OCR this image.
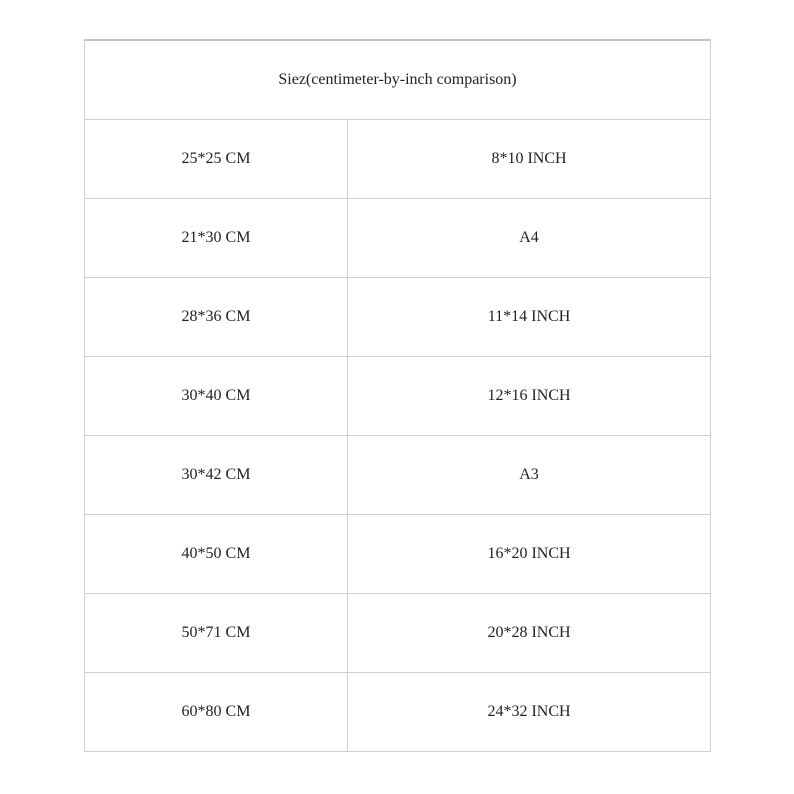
Siez(centimeter-by-inch comparison)	
25*25 CM	8*10 INCH
21*30 CM	A4
28*36 CM	11*14 INCH
30*40 CM	12*16 INCH
30*42 CM	A3
40*50 CM	16*20 INCH
50*71 CM	20*28 INCH
60*80 CM	24*32 INCH
